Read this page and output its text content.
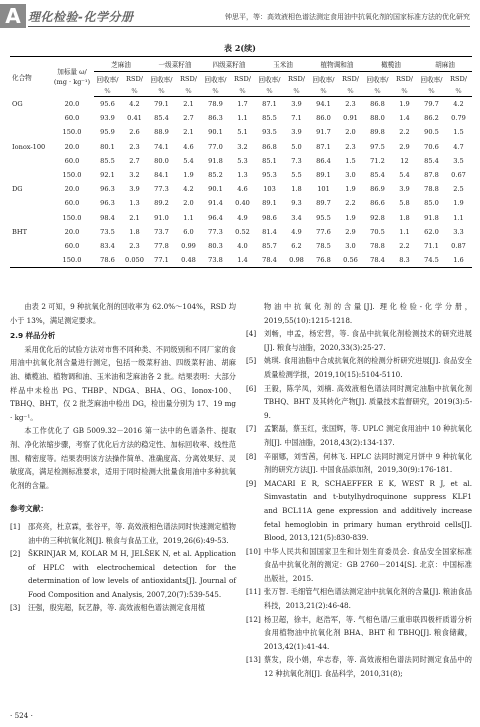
A 理化检验-化学分册	钟思平，等：高效液相色谱法测定食用油中抗氧化剂的国家标准方法的优化研究
表 2(续)
化合物	加标量 ω/
(mg · kg⁻¹)	芝麻油		一级菜籽油		四级菜籽油		玉米油		植物调和油		橄榄油		胡麻油	
		回收率/	RSD/	回收率/	RSD/	回收率/	RSD/	回收率/	RSD/	回收率/	RSD/	回收率/	RSD/	回收率/	RSD/
		%	%	%	%	%	%	%	%	%	%	%	%	%	%
OG	20.0	95.6	4.2	79.1	2.1	78.9	1.7	87.1	3.9	94.1	2.3	86.8	1.9	79.7	4.2
	60.0	93.9	0.41	85.4	2.7	86.3	1.1	85.5	7.1	86.0	0.91	88.0	1.4	86.2	0.79
	150.0	95.9	2.6	88.9	2.1	90.1	5.1	93.5	3.9	91.7	2.0	89.8	2.2	90.5	1.5
Ionox-100	20.0	80.1	2.3	74.1	4.6	77.0	3.2	86.8	5.0	87.1	2.3	97.5	2.9	70.6	4.7
	60.0	85.5	2.7	80.0	5.4	91.8	5.3	85.1	7.3	86.4	1.5	71.2	12	85.4	3.5
	150.0	92.1	3.2	84.1	1.9	85.2	1.3	95.3	5.5	89.1	3.0	85.4	5.4	87.8	0.67
DG	20.0	96.3	3.9	77.3	4.2	90.1	4.6	103	1.8	101	1.9	86.9	3.9	78.8	2.5
	60.0	96.3	1.3	89.2	2.0	91.4	0.40	89.1	9.3	89.7	2.2	86.6	5.8	85.0	1.9
	150.0	98.4	2.1	91.0	1.1	96.4	4.9	98.6	3.4	95.5	1.9	92.8	1.8	91.8	1.1
BHT	20.0	73.5	1.8	73.7	6.0	77.3	0.52	81.4	4.9	77.6	2.9	70.5	1.1	62.0	3.3
	60.0	83.4	2.3	77.8	0.99	80.3	4.0	85.7	6.2	78.5	3.0	78.8	2.2	71.1	0.87
	150.0	78.6	0.050	77.1	0.48	73.8	1.4	78.4	0.98	76.8	0.56	78.4	8.3	74.5	1.6

由表 2 可知，9 种抗氧化剂的回收率为 62.0%～104%，RSD 均小于 13%，满足测定要求。

2.9 样品分析

采用优化后的试验方法对市售不同种类、不同级别和不同厂家的食用油中抗氧化剂含量进行测定，包括一级菜籽油、四级菜籽油、胡麻油、橄榄油、植物调和油、玉米油和芝麻油各 2 批。结果表明：大部分样品中未检出 PG、THBP、NDGA、BHA、OG、Ionox-100、TBHQ、BHT，仅 2 批芝麻油中检出 DG，检出量分别为 17、19 mg · kg⁻¹。

本工作优化了 GB 5009.32－2016 第一法中的色谱条件、提取剂、净化浓缩步骤，考察了优化后方法的稳定性、加标回收率、线性范围、精密度等。结果表明该方法操作简单、准确度高、分离效果好、灵敏度高，满足检测标准要求，适用于同时检测大批量食用油中多种抗氧化剂的含量。

参考文献：

[1]	邵亮亮，杜京霖，张谷平，等. 高效液相色谱法同时快速测定植物油中的三种抗氧化剂[J]. 粮食与食品工业，2019,26(6):49-53.
[2]	ŠKRINJAR M, KOLAR M H, JELŠEK N, et al. Application of HPLC with electrochemical detection for the determination of low levels of antioxidants[J]. Journal of Food Composition and Analysis, 2007,20(7):539-545.
[3]	汪强，殷宪超，阮艺静，等. 高效液相色谱法测定食用植

物油中抗氧化剂的含量[J]. 理化检验-化学分册，2019,55(10):1215-1218.

[4]	刘畅，申孟，杨宏营，等. 食品中抗氧化剂检测技术的研究进展[J]. 粮食与油脂，2020,33(3):25-27.
[5]	姚琪. 食用油脂中合成抗氧化剂的检测分析研究进展[J]. 食品安全质量检测学报，2019,10(15):5104-5110.
[6]	王毅，陈学凤，刘楠. 高效液相色谱法同时测定油脂中抗氧化剂 TBHQ、BHT 及其转化产物[J]. 质量技术监督研究，2019(3):5-9.
[7]	孟繁磊，蔡玉红，张国辉，等. UPLC 测定食用油中 10 种抗氧化剂[J]. 中国油脂，2018,43(2):134-137.
[8]	辛丽娜，刘雪茜，何林飞. HPLC 法同时测定月饼中 9 种抗氧化剂的研究方法[J]. 中国食品添加剂，2019,30(9):176-181.
[9]	MACARI E R, SCHAEFFER E K, WEST R J, et al. Simvastatin and t-butylhydroquinone suppress KLF1 and BCL11A gene expression and additively increase fetal hemoglobin in primary human erythroid cells[J]. Blood, 2013,121(5):830-839.
[10] 中华人民共和国国家卫生和计划生育委员会. 食品安全国家标准 食品中抗氧化剂的测定：GB 2760－2014[S]. 北京：中国标准出版社，2015.
[11] 张万智. 毛细管气相色谱法测定油中抗氧化剂的含量[J]. 粮油食品科技，2013,21(2):46-48.
[12] 杨卫超，徐丰，赵浩军，等. 气相色谱/三重串联四极杆质谱分析食用植物油中抗氧化剂 BHA、BHT 和 TBHQ[J]. 粮食储藏，2013,42(1):41-44.
[13] 蔡发，段小娟，牟志春，等. 高效液相色谱法同时测定食品中的 12 种抗氧化剂[J]. 食品科学，2010,31(8);
· 524 ·
